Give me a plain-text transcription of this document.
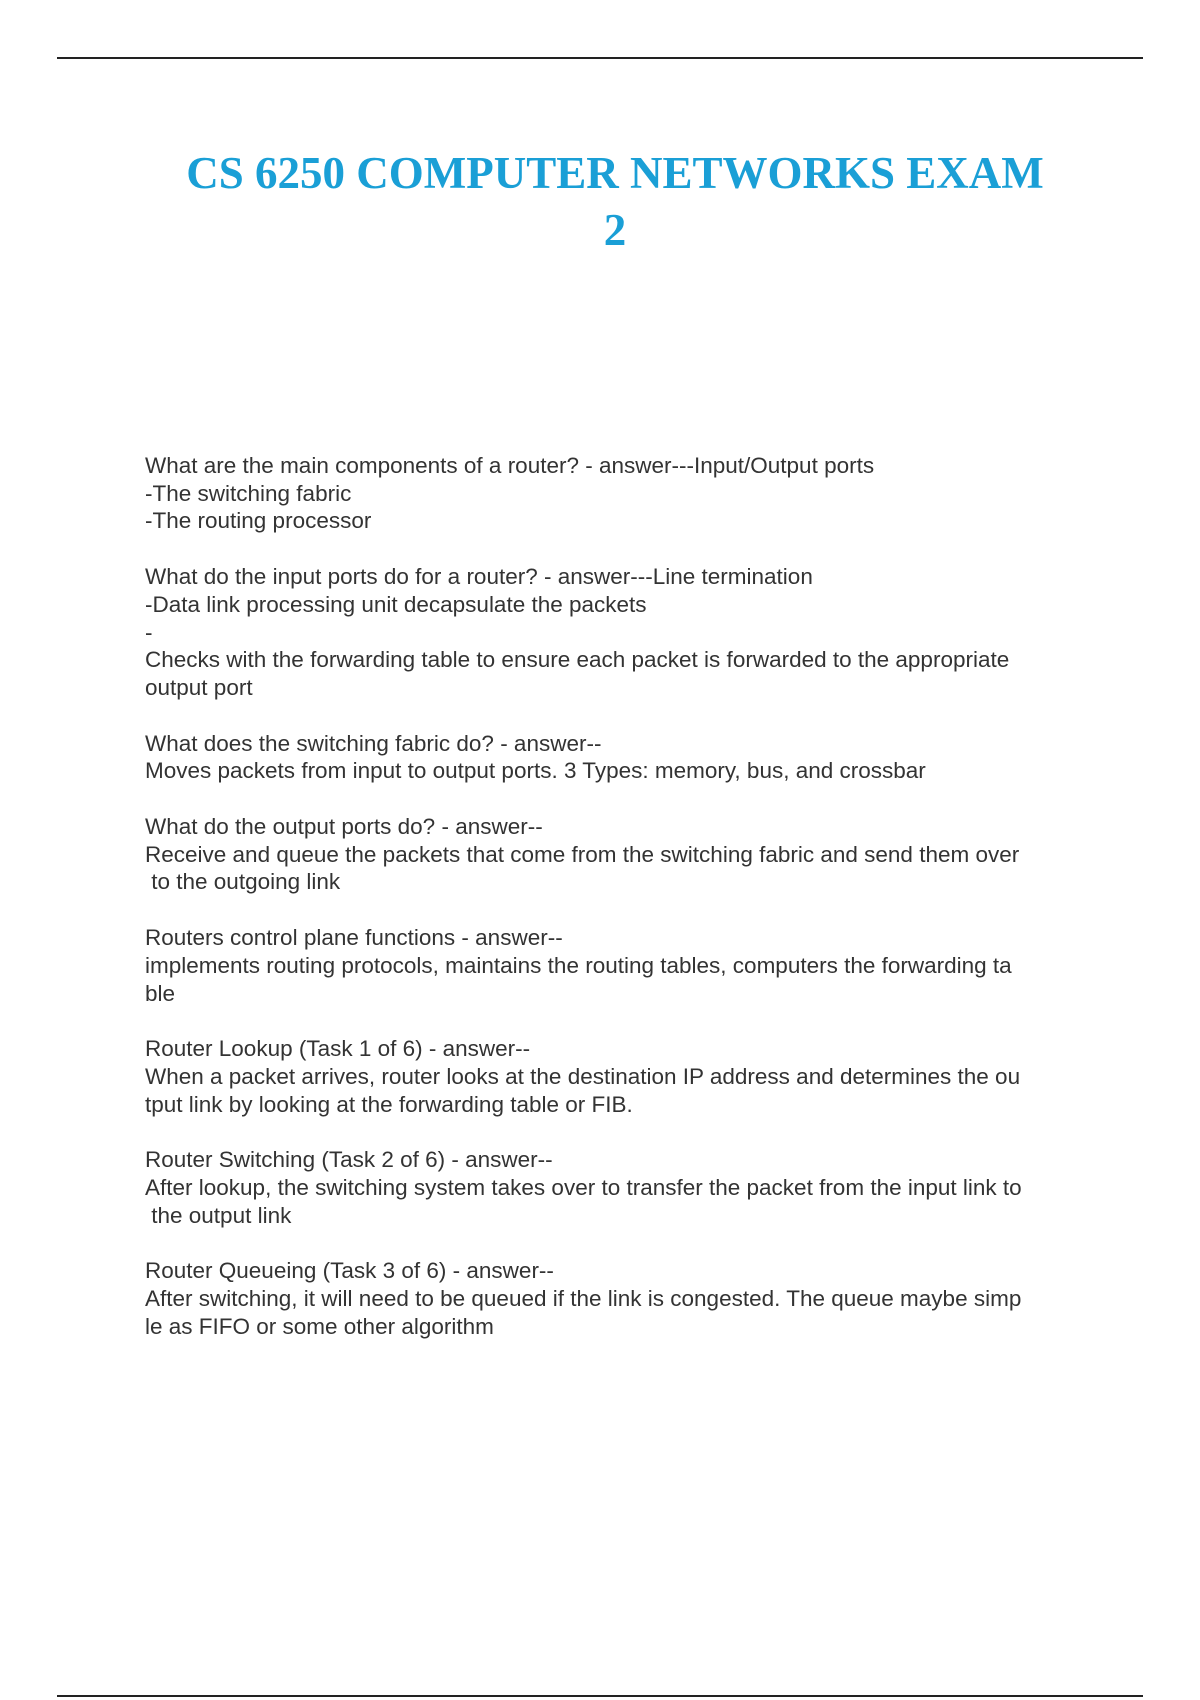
CS 6250 COMPUTER NETWORKS EXAM
2
What are the main components of a router? - answer---Input/Output ports
-The switching fabric
-The routing processor
What do the input ports do for a router? - answer---Line termination
-Data link processing unit decapsulate the packets
-
Checks with the forwarding table to ensure each packet is forwarded to the appropriate
output port
What does the switching fabric do? - answer--
Moves packets from input to output ports. 3 Types: memory, bus, and crossbar
What do the output ports do? - answer--
Receive and queue the packets that come from the switching fabric and send them over
to the outgoing link
Routers control plane functions - answer--
implements routing protocols, maintains the routing tables, computers the forwarding ta
ble
Router Lookup (Task 1 of 6) - answer--
When a packet arrives, router looks at the destination IP address and determines the ou
tput link by looking at the forwarding table or FIB.
Router Switching (Task 2 of 6) - answer--
After lookup, the switching system takes over to transfer the packet from the input link to
the output link
Router Queueing (Task 3 of 6) - answer--
After switching, it will need to be queued if the link is congested. The queue maybe simp
le as FIFO or some other algorithm
